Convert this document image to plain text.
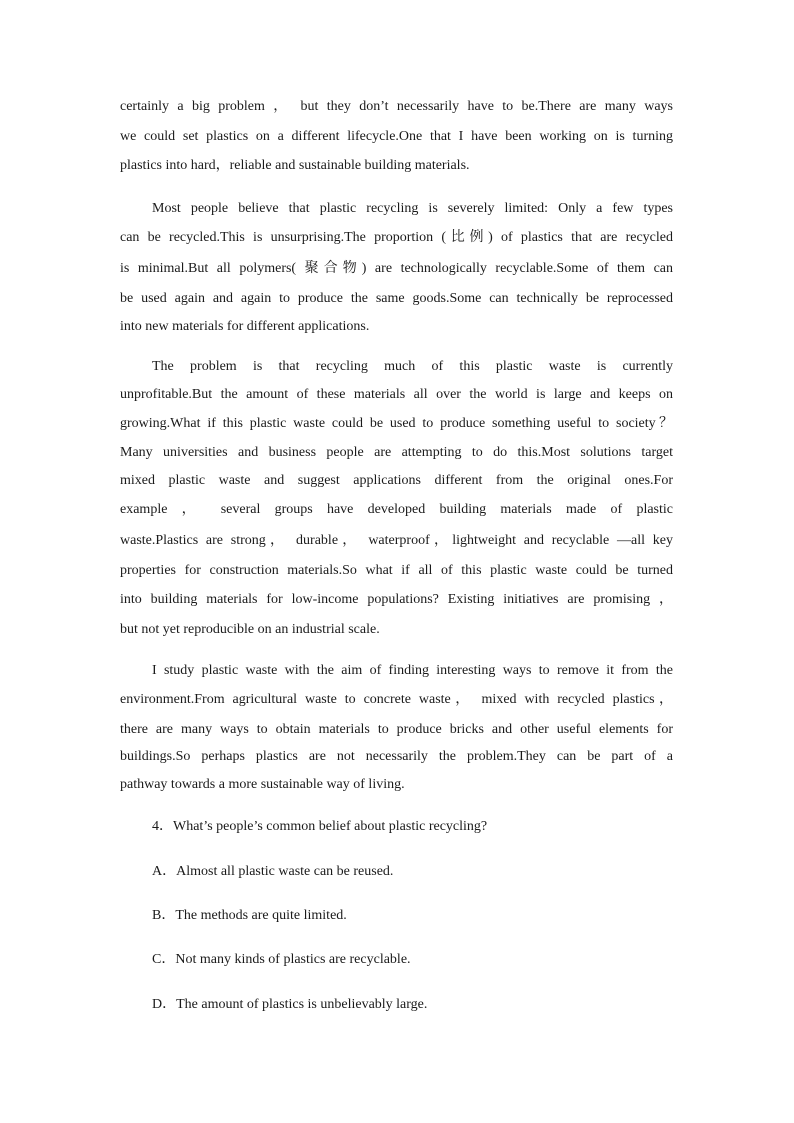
certainly a big problem ， but they don’t necessarily have to be.There are many ways
we could set plastics on a different lifecycle.One that I have been working on is turning
plastics into hard，reliable and sustainable building materials.
Most people believe that plastic recycling is severely limited: Only a few types
can be recycled.This is unsurprising.The proportion (比例) of plastics that are recycled
is minimal.But all polymers( 聚合物) are technologically recyclable.Some of them can
be used again and again to produce the same goods.Some can technically be reprocessed
into new materials for different applications.
The problem is that recycling much of this plastic waste is currently
unprofitable.But the amount of these materials all over the world is large and keeps on
growing.What if this plastic waste could be used to produce something useful to society？
Many universities and business people are attempting to do this.Most solutions target
mixed plastic waste and suggest applications different from the original ones.For
example ， several groups have developed building materials made of plastic
waste.Plastics are strong， durable， waterproof，lightweight and recyclable —all key
properties for construction materials.So what if all of this plastic waste could be turned
into building materials for low-income populations? Existing initiatives are promising ，
but not yet reproducible on an industrial scale.
I study plastic waste with the aim of finding interesting ways to remove it from the
environment.From agricultural waste to concrete waste， mixed with recycled plastics，
there are many ways to obtain materials to produce bricks and other useful elements for
buildings.So perhaps plastics are not necessarily the problem.They can be part of a
pathway towards a more sustainable way of living.
4．What’s people’s common belief about plastic recycling?
A．Almost all plastic waste can be reused.
B．The methods are quite limited.
C．Not many kinds of plastics are recyclable.
D．The amount of plastics is unbelievably large.
